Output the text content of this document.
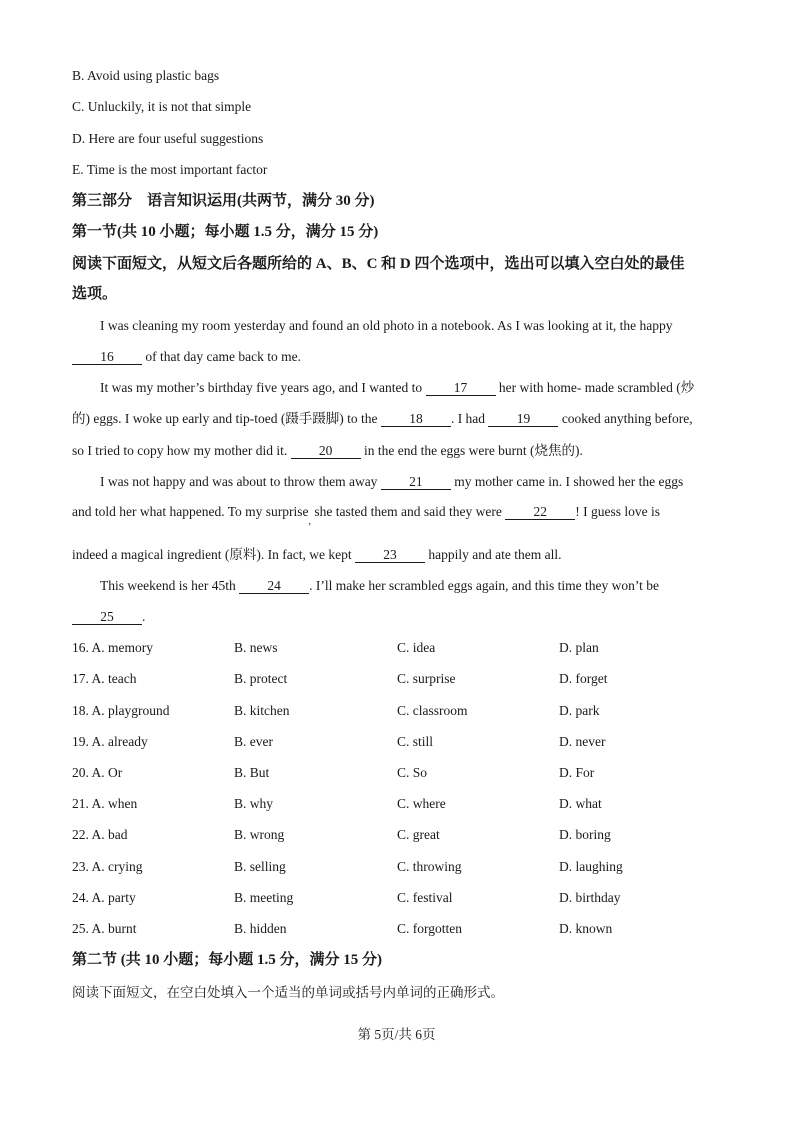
B. Avoid using plastic bags
C. Unluckily, it is not that simple
D. Here are four useful suggestions
E. Time is the most important factor
第三部分　语言知识运用(共两节，满分 30 分)
第一节(共 10 小题；每小题 1.5 分，满分 15 分)
阅读下面短文，从短文后各题所给的 A、B、C 和 D 四个选项中，选出可以填入空白处的最佳
选项。
I was cleaning my room yesterday and found an old photo in a notebook. As I was looking at it, the happy
16 of that day came back to me.
It was my mother’s birthday five years ago, and I wanted to 17 her with home- made scrambled (炒
的) eggs. I woke up early and tip-toed (蹑手蹑脚) to the 18 . I had 19 cooked anything before,
so I tried to copy how my mother did it. 20 in the end the eggs were burnt (烧焦的).
I was not happy and was about to throw them away 21 my mother came in. I showed her the eggs
and told her what happened. To my surprise$_,$ she tasted them and said they were 22 ! I guess love is
indeed a magical ingredient (原料). In fact, we kept 23 happily and ate them all.
This weekend is her 45th 24 . I’ll make her scrambled eggs again, and this time they won’t be
25 .
16. A. memory	B. news	C. idea	D. plan
17. A. teach	B. protect	C. surprise	D. forget
18. A. playground	B. kitchen	C. classroom	D. park
19. A. already	B. ever	C. still	D. never
20. A. Or	B. But	C. So	D. For
21. A. when	B. why	C. where	D. what
22. A. bad	B. wrong	C. great	D. boring
23. A. crying	B. selling	C. throwing	D. laughing
24. A. party	B. meeting	C. festival	D. birthday
25. A. burnt	B. hidden	C. forgotten	D. known
第二节 (共 10 小题；每小题 1.5 分，满分 15 分)
阅读下面短文，在空白处填入一个适当的单词或括号内单词的正确形式。
第 5页/共 6页
